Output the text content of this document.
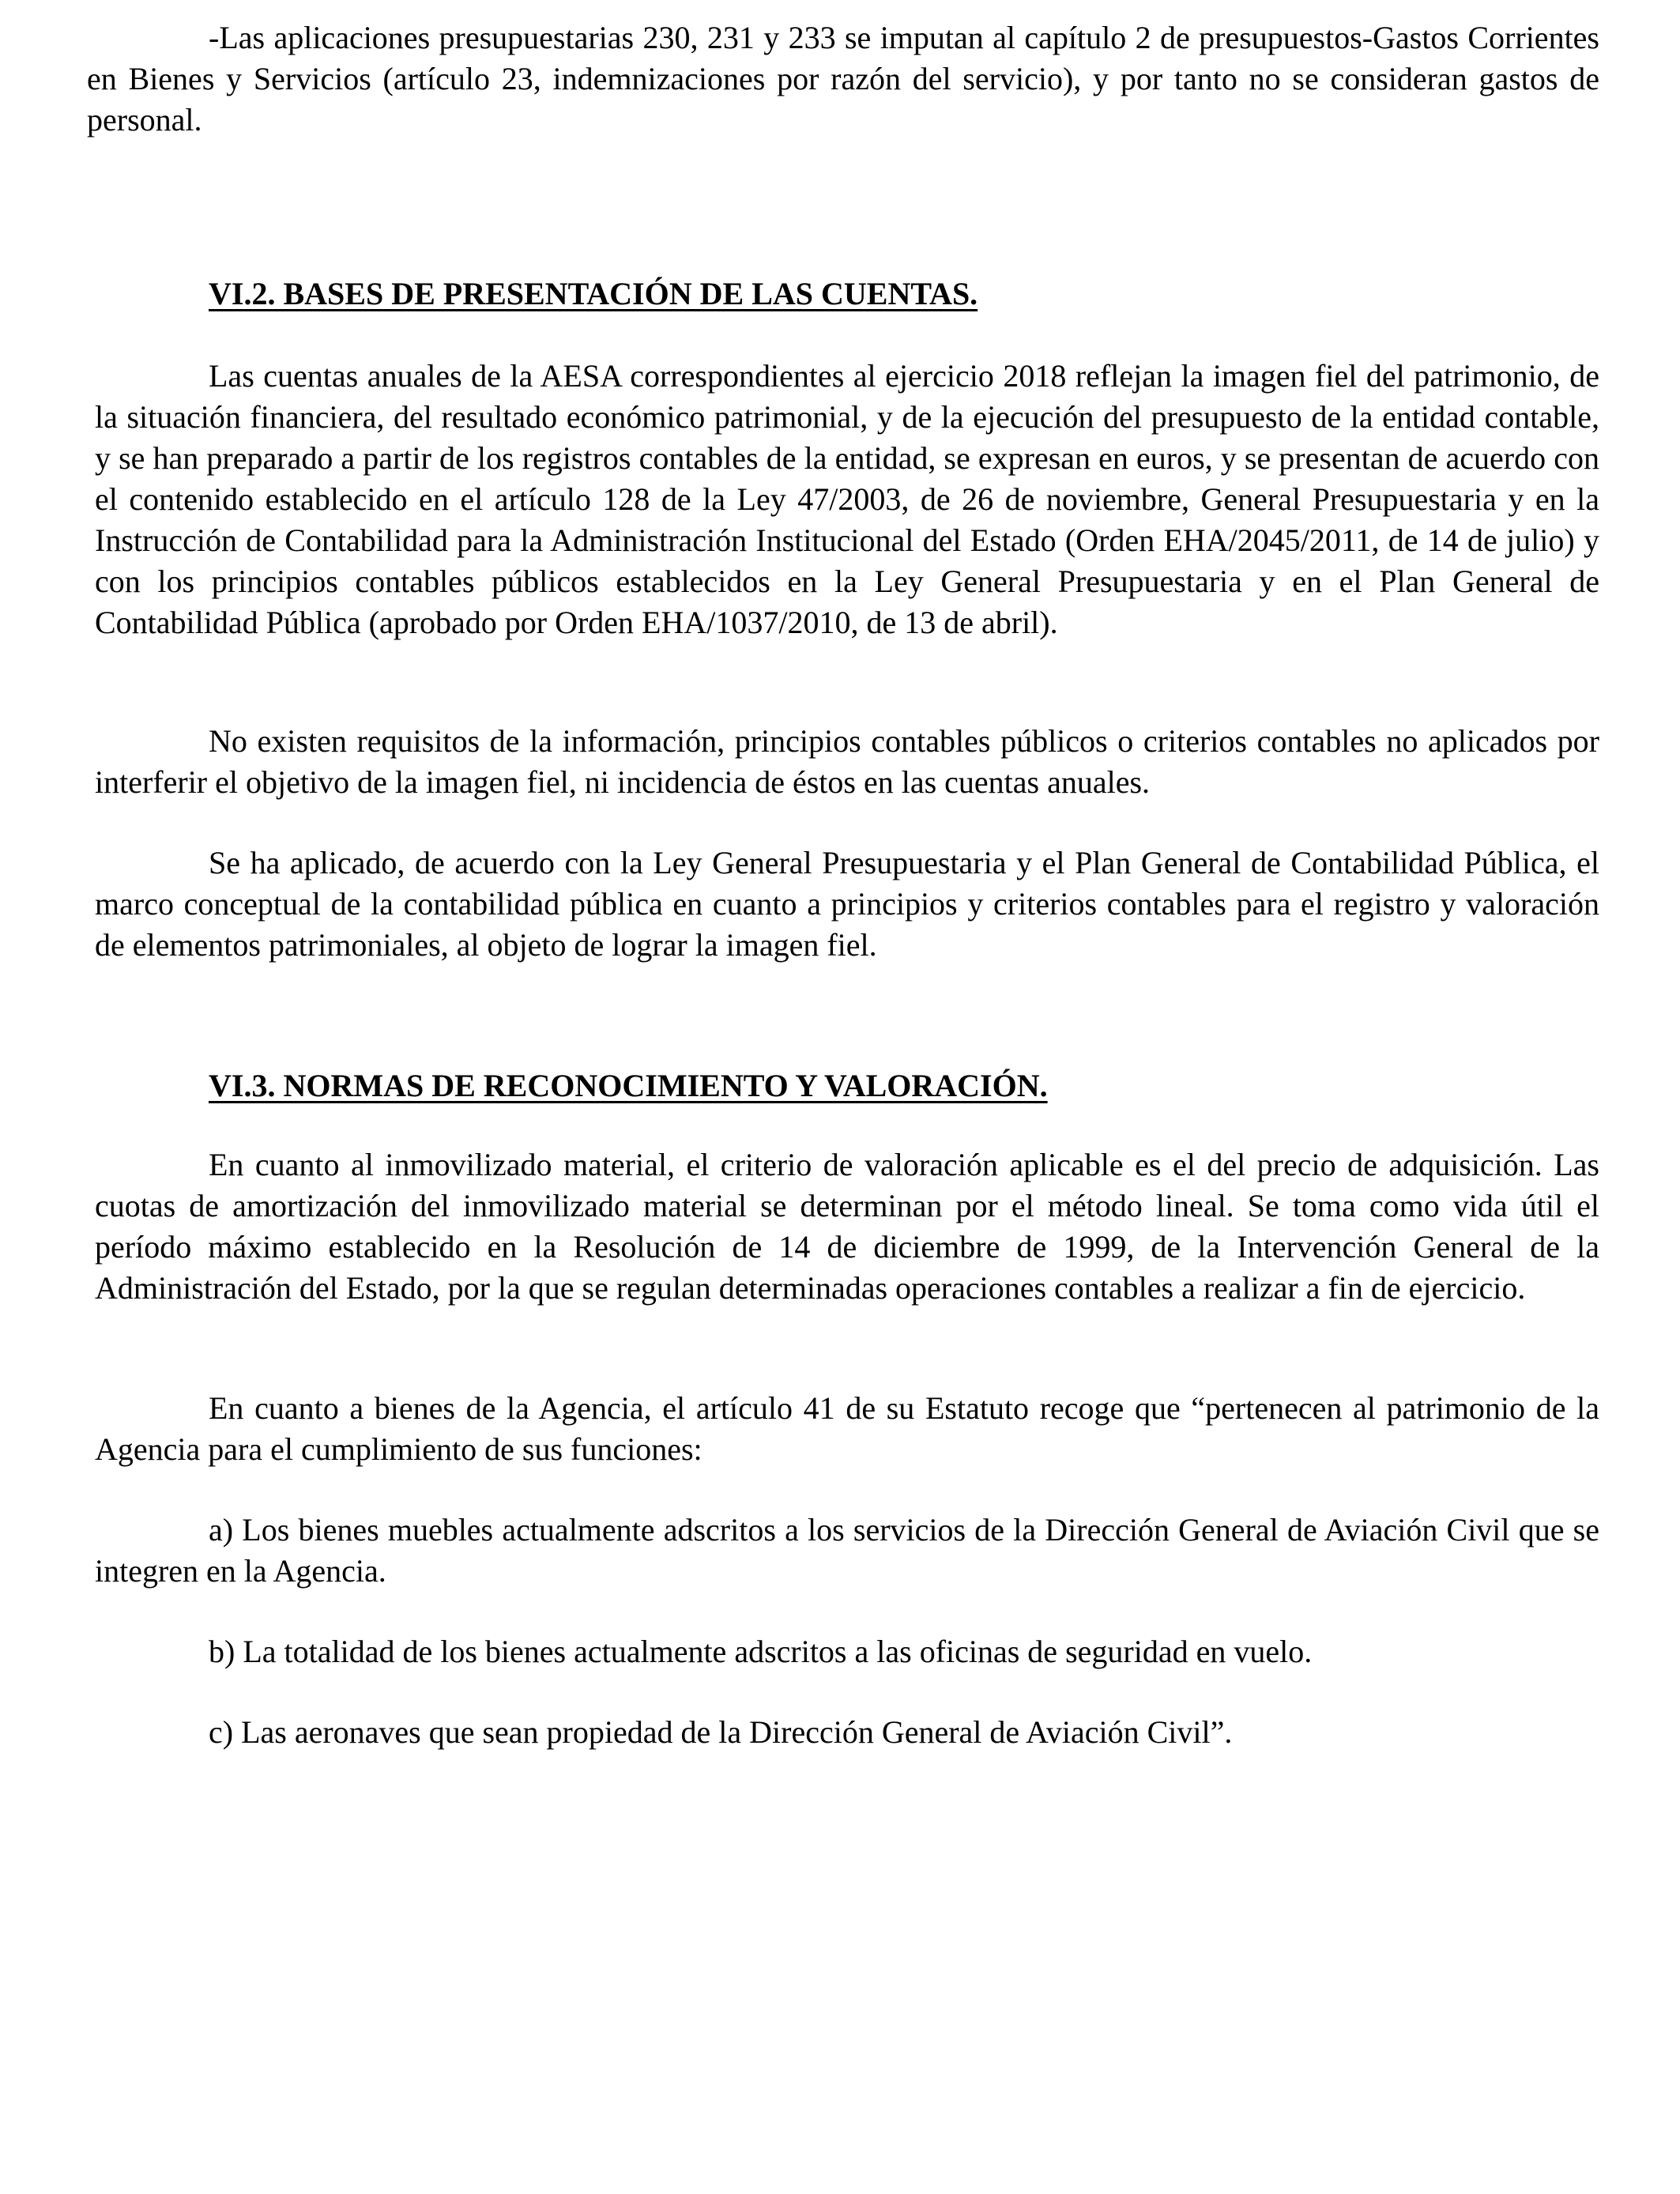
-Las aplicaciones presupuestarias 230, 231 y 233 se imputan al capítulo 2 de presupuestos-Gastos Corrientes en Bienes y Servicios (artículo 23, indemnizaciones por razón del servicio), y por tanto no se consideran gastos de personal.

VI.2. BASES DE PRESENTACIÓN DE LAS CUENTAS.

Las cuentas anuales de la AESA correspondientes al ejercicio 2018 reflejan la imagen fiel del patrimonio, de la situación financiera, del resultado económico patrimonial, y de la ejecución del presupuesto de la entidad contable, y se han preparado a partir de los registros contables de la entidad, se expresan en euros, y se presentan de acuerdo con el contenido establecido en el artículo 128 de la Ley 47/2003, de 26 de noviembre, General Presupuestaria y en la Instrucción de Contabilidad para la Administración Institucional del Estado (Orden EHA/2045/2011, de 14 de julio) y con los principios contables públicos establecidos en la Ley General Presupuestaria y en el Plan General de Contabilidad Pública (aprobado por Orden EHA/1037/2010, de 13 de abril).

No existen requisitos de la información, principios contables públicos o criterios contables no aplicados por interferir el objetivo de la imagen fiel, ni incidencia de éstos en las cuentas anuales.

Se ha aplicado, de acuerdo con la Ley General Presupuestaria y el Plan General de Contabilidad Pública, el marco conceptual de la contabilidad pública en cuanto a principios y criterios contables para el registro y valoración de elementos patrimoniales, al objeto de lograr la imagen fiel.

VI.3. NORMAS DE RECONOCIMIENTO Y VALORACIÓN.

En cuanto al inmovilizado material, el criterio de valoración aplicable es el del precio de adquisición. Las cuotas de amortización del inmovilizado material se determinan por el método lineal. Se toma como vida útil el período máximo establecido en la Resolución de 14 de diciembre de 1999, de la Intervención General de la Administración del Estado, por la que se regulan determinadas operaciones contables a realizar a fin de ejercicio.

En cuanto a bienes de la Agencia, el artículo 41 de su Estatuto recoge que “pertenecen al patrimonio de la Agencia para el cumplimiento de sus funciones:

a) Los bienes muebles actualmente adscritos a los servicios de la Dirección General de Aviación Civil que se integren en la Agencia.

b) La totalidad de los bienes actualmente adscritos a las oficinas de seguridad en vuelo.

c) Las aeronaves que sean propiedad de la Dirección General de Aviación Civil”.
